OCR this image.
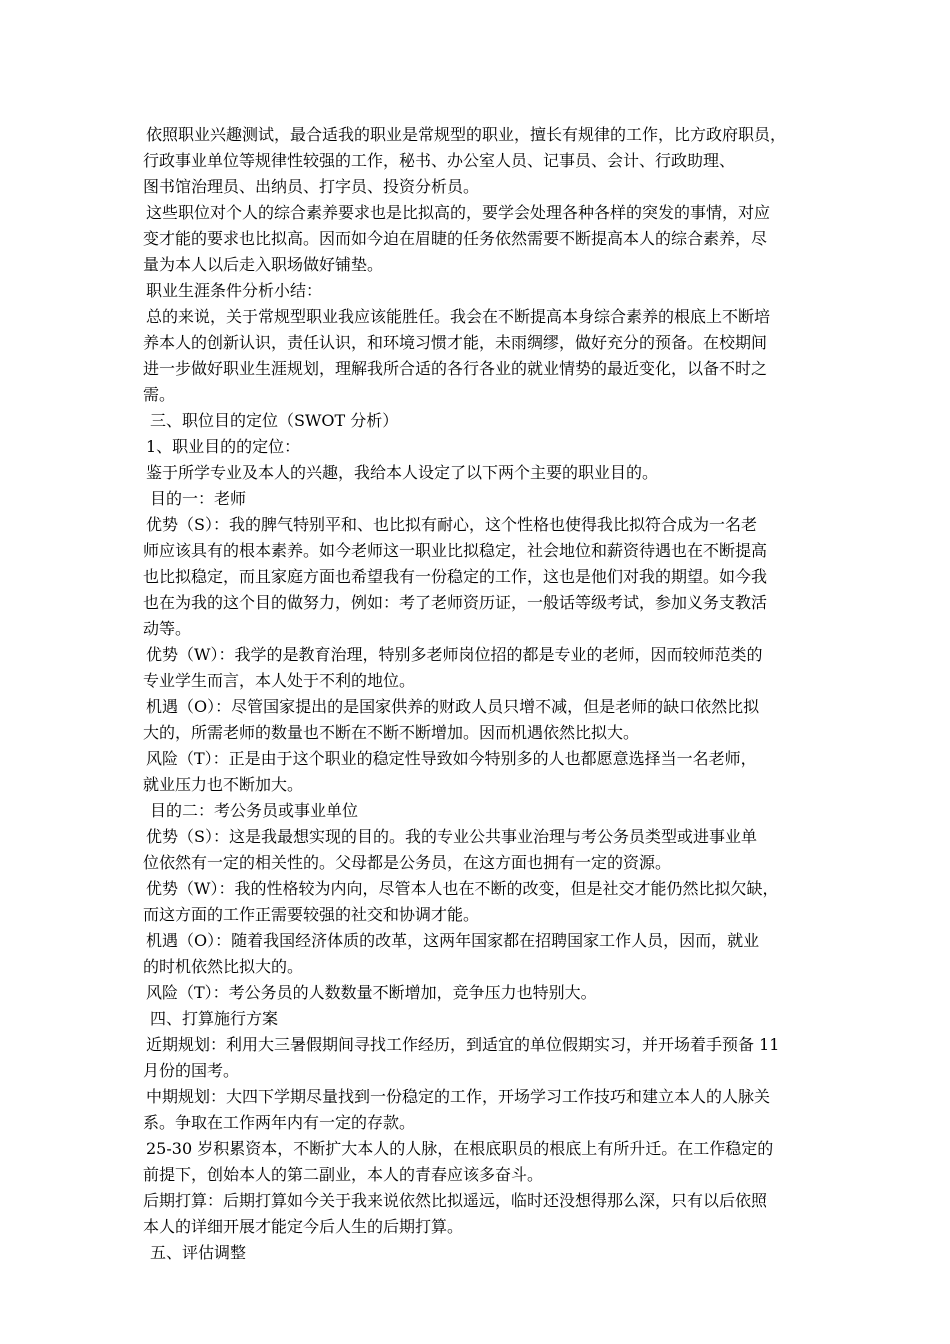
依照职业兴趣测试，最合适我的职业是常规型的职业，擅长有规律的工作，比方政府职员，
行政事业单位等规律性较强的工作，秘书、办公室人员、记事员、会计、行政助理、
图书馆治理员、出纳员、打字员、投资分析员。
这些职位对个人的综合素养要求也是比拟高的，要学会处理各种各样的突发的事情，对应
变才能的要求也比拟高。因而如今迫在眉睫的任务依然需要不断提高本人的综合素养，尽
量为本人以后走入职场做好铺垫。
职业生涯条件分析小结：
总的来说，关于常规型职业我应该能胜任。我会在不断提高本身综合素养的根底上不断培
养本人的创新认识，责任认识，和环境习惯才能，未雨绸缪，做好充分的预备。在校期间
进一步做好职业生涯规划，理解我所合适的各行各业的就业情势的最近变化，以备不时之
需。
三、职位目的定位（SWOT 分析）
1、职业目的的定位：
鉴于所学专业及本人的兴趣，我给本人设定了以下两个主要的职业目的。
目的一：老师
优势（S）：我的脾气特别平和、也比拟有耐心，这个性格也使得我比拟符合成为一名老
师应该具有的根本素养。如今老师这一职业比拟稳定，社会地位和薪资待遇也在不断提高
也比拟稳定，而且家庭方面也希望我有一份稳定的工作，这也是他们对我的期望。如今我
也在为我的这个目的做努力，例如：考了老师资历证，一般话等级考试，参加义务支教活
动等。
优势（W）：我学的是教育治理，特别多老师岗位招的都是专业的老师，因而较师范类的
专业学生而言，本人处于不利的地位。
机遇（O）：尽管国家提出的是国家供养的财政人员只增不减，但是老师的缺口依然比拟
大的，所需老师的数量也不断在不断不断增加。因而机遇依然比拟大。
风险（T）：正是由于这个职业的稳定性导致如今特别多的人也都愿意选择当一名老师，
就业压力也不断加大。
目的二：考公务员或事业单位
优势（S）：这是我最想实现的目的。我的专业公共事业治理与考公务员类型或进事业单
位依然有一定的相关性的。父母都是公务员，在这方面也拥有一定的资源。
优势（W）：我的性格较为内向，尽管本人也在不断的改变，但是社交才能仍然比拟欠缺，
而这方面的工作正需要较强的社交和协调才能。
机遇（O）：随着我国经济体质的改革，这两年国家都在招聘国家工作人员，因而，就业
的时机依然比拟大的。
风险（T）：考公务员的人数数量不断增加，竞争压力也特别大。
四、打算施行方案
近期规划：利用大三暑假期间寻找工作经历，到适宜的单位假期实习，并开场着手预备 11
月份的国考。
中期规划：大四下学期尽量找到一份稳定的工作，开场学习工作技巧和建立本人的人脉关
系。争取在工作两年内有一定的存款。
25-30 岁积累资本，不断扩大本人的人脉，在根底职员的根底上有所升迁。在工作稳定的
前提下，创始本人的第二副业，本人的青春应该多奋斗。
后期打算：后期打算如今关于我来说依然比拟遥远，临时还没想得那么深，只有以后依照
本人的详细开展才能定今后人生的后期打算。
五、评估调整
